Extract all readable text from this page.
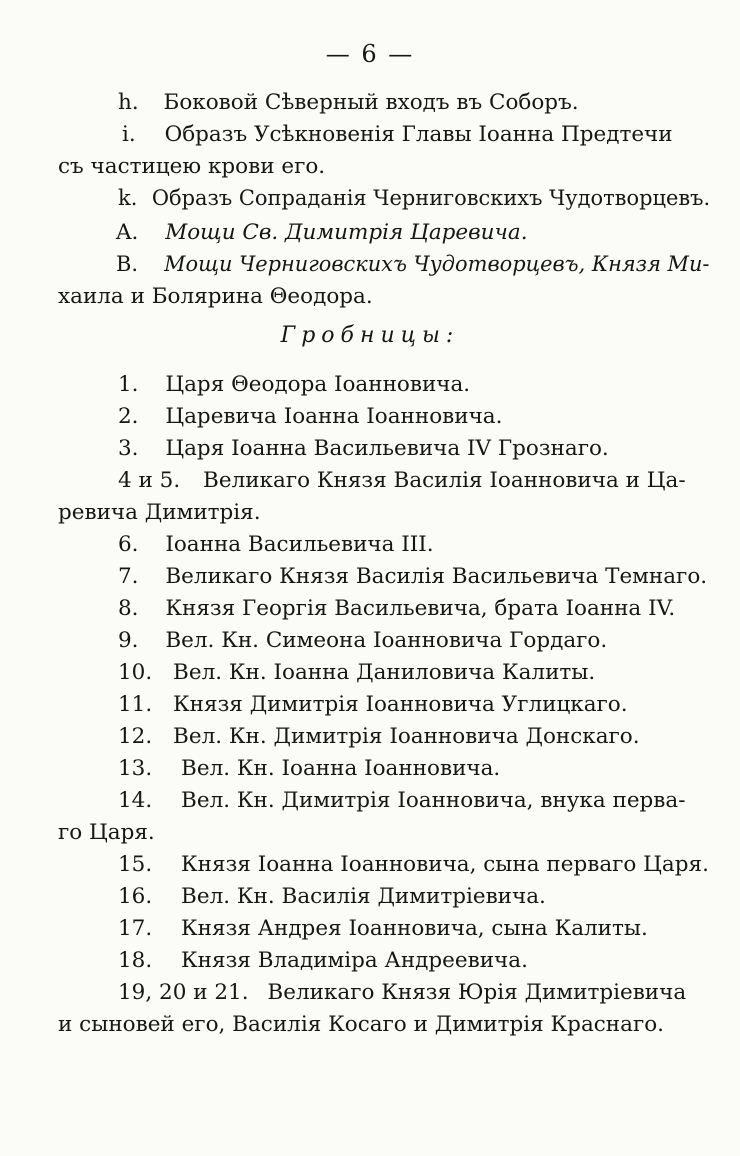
— 6 —
h. Боковой Сѣверный входъ въ Соборъ.
i. Образъ Усѣкновенія Главы Іоанна Предтечи
съ частицею крови его.
k. Образъ Сопраданія Черниговскихъ Чудотворцевъ.
A. Мощи Св. Димитрія Царевича.
B. Мощи Черниговскихъ Чудотворцевъ, Князя Ми-
хаила и Болярина Θеодора.
Гробницы:
1. Царя Θеодора Іоанновича.
2. Царевича Іоанна Іоанновича.
3. Царя Іоанна Васильевича IV Грознаго.
4 и 5. Великаго Князя Василія Іоанновича и Ца-
ревича Димитрія.
6. Іоанна Васильевича III.
7. Великаго Князя Василія Васильевича Темнаго.
8. Князя Георгія Васильевича, брата Іоанна IV.
9. Вел. Кн. Симеона Іоанновича Гордаго.
10. Вел. Кн. Іоанна Даниловича Калиты.
11. Князя Димитрія Іоанновича Углицкаго.
12. Вел. Кн. Димитрія Іоанновича Донскаго.
13. Вел. Кн. Іоанна Іоанновича.
14. Вел. Кн. Димитрія Іоанновича, внука перва-
го Царя.
15. Князя Іоанна Іоанновича, сына перваго Царя.
16. Вел. Кн. Василія Димитріевича.
17. Князя Андрея Іоанновича, сына Калиты.
18. Князя Владиміра Андреевича.
19, 20 и 21. Великаго Князя Юрія Димитріевича
и сыновей его, Василія Косаго и Димитрія Краснаго.
